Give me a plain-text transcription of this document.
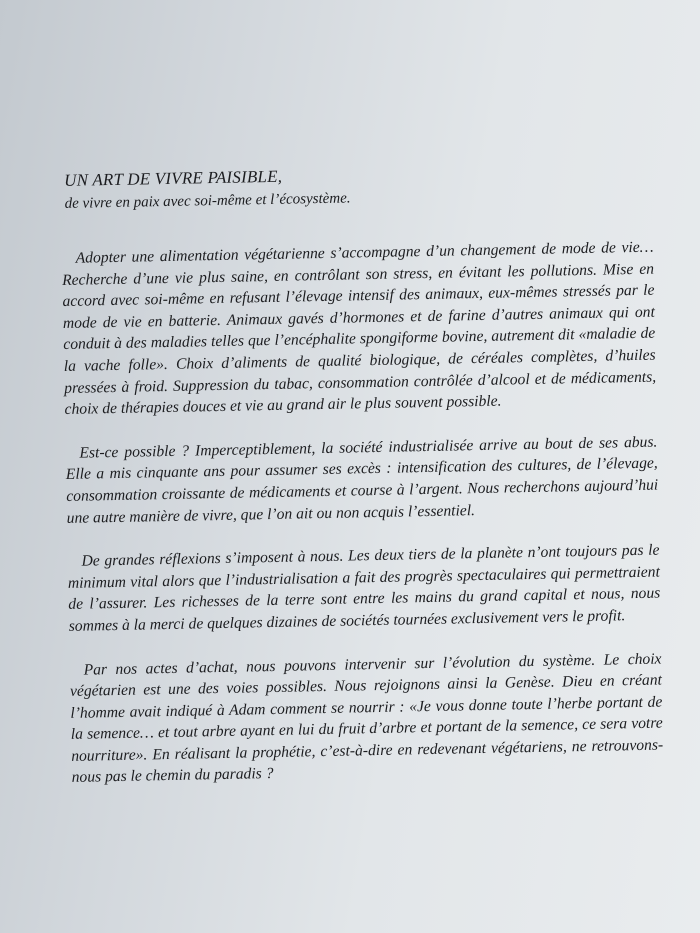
UN ART DE VIVRE PAISIBLE,
de vivre en paix avec soi-même et l’écosystème.

Adopter une alimentation végétarienne s’accompagne d’un changement de mode de vie… Recherche d’une vie plus saine, en contrôlant son stress, en évitant les pollutions. Mise en accord avec soi-même en refusant l’élevage intensif des animaux, eux-mêmes stressés par le mode de vie en batterie. Animaux gavés d’hormones et de farine d’autres animaux qui ont conduit à des maladies telles que l’encéphalite spongiforme bovine, autrement dit «maladie de la vache folle». Choix d’aliments de qualité biologique, de céréales complètes, d’huiles pressées à froid. Suppression du tabac, consommation contrôlée d’alcool et de médicaments, choix de thérapies douces et vie au grand air le plus souvent possible.

Est-ce possible ? Imperceptiblement, la société industrialisée arrive au bout de ses abus. Elle a mis cinquante ans pour assumer ses excès : intensification des cultures, de l’élevage, consommation croissante de médicaments et course à l’argent. Nous recherchons aujourd’hui une autre manière de vivre, que l’on ait ou non acquis l’essentiel.

De grandes réflexions s’imposent à nous. Les deux tiers de la planète n’ont toujours pas le minimum vital alors que l’industrialisation a fait des progrès spectaculaires qui permettraient de l’assurer. Les richesses de la terre sont entre les mains du grand capital et nous, nous sommes à la merci de quelques dizaines de sociétés tournées exclusivement vers le profit.

Par nos actes d’achat, nous pouvons intervenir sur l’évolution du système. Le choix végétarien est une des voies possibles. Nous rejoignons ainsi la Genèse. Dieu en créant l’homme avait indiqué à Adam comment se nourrir : «Je vous donne toute l’herbe portant de la semence… et tout arbre ayant en lui du fruit d’arbre et portant de la semence, ce sera votre nourriture». En réalisant la prophétie, c’est-à-dire en redevenant végétariens, ne retrouvons-nous pas le chemin du paradis ?
